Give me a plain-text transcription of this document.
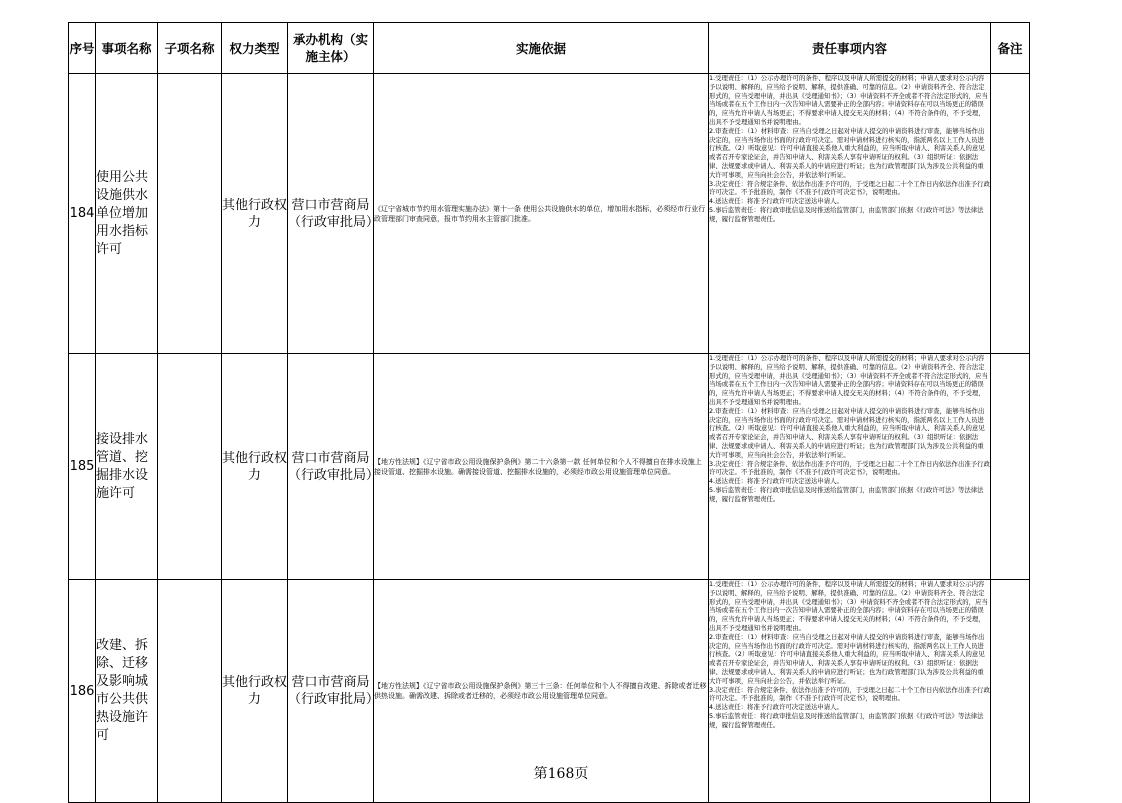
序号	事项名称	子项名称	权力类型	承办机构（实施主体）	实施依据	责任事项内容	备注
184	使用公共设施供水单位增加用水指标许可		其他行政权力	营口市营商局（行政审批局）	《辽宁省城市节约用水管理实施办法》第十一条 使用公共设施供水的单位，增加用水指标，必须经市行业行政管理部门审查同意，报市节约用水主管部门批准。	1.受理责任：（1）公示办理许可的条件、程序以及申请人所需提交的材料；申请人要求对公示内容予以说明、解释的，应当给予说明、解释，提供准确、可靠的信息。（2）申请资料齐全、符合法定形式的，应当受理申请，并出具《受理通知书》；（3）申请资料不齐全或者不符合法定形式的，应当当场或者在五个工作日内一次告知申请人需要补正的全部内容；申请资料存在可以当场更正的错误的，应当允许申请人当场更正；不得要求申请人提交无关的材料；（4）不符合条件的，不予受理，出具不予受理通知书并说明理由。
2.审查责任：（1）材料审查：应当自受理之日起对申请人提交的申请资料进行审查，能够当场作出决定的，应当当场作出书面的行政许可决定。需对申请材料进行核实的，指派两名以上工作人员进行核查。（2）听取意见：许可申请直接关系他人重大利益的，应当听取申请人、利害关系人的意见或者召开专家论证会，并告知申请人、利害关系人享有申请听证的权利。（3）组织听证：依据法律、法规要求或申请人、利害关系人的申请应进行听证；也为行政管理部门认为涉及公共利益的重大许可事项，应当向社会公告，并依法举行听证。
3.决定责任：符合规定条件、依法作出准予许可的，于受理之日起二十个工作日内依法作出准予行政许可决定。不予批准的，制作《不准予行政许可决定书》，说明理由。
4.送达责任：将准予行政许可决定送达申请人。
5.事后监管责任：将行政审批信息及时推送给监管部门，由监管部门依据《行政许可法》等法律法规，履行监督管理责任。	

185	接设排水管道、挖掘排水设施许可		其他行政权力	营口市营商局（行政审批局）	【地方性法规】《辽宁省市政公用设施保护条例》第二十六条第一款 任何单位和个人不得擅自在排水设施上接设管道、挖掘排水设施。确需接设管道、挖掘排水设施的，必须经市政公用设施管理单位同意。	1.受理责任：（1）公示办理许可的条件、程序以及申请人所需提交的材料；申请人要求对公示内容予以说明、解释的，应当给予说明、解释，提供准确、可靠的信息。（2）申请资料齐全、符合法定形式的，应当受理申请，并出具《受理通知书》；（3）申请资料不齐全或者不符合法定形式的，应当当场或者在五个工作日内一次告知申请人需要补正的全部内容；申请资料存在可以当场更正的错误的，应当允许申请人当场更正；不得要求申请人提交无关的材料；（4）不符合条件的，不予受理，出具不予受理通知书并说明理由。
2.审查责任：（1）材料审查：应当自受理之日起对申请人提交的申请资料进行审查，能够当场作出决定的，应当当场作出书面的行政许可决定。需对申请材料进行核实的，指派两名以上工作人员进行核查。（2）听取意见：许可申请直接关系他人重大利益的，应当听取申请人、利害关系人的意见或者召开专家论证会，并告知申请人、利害关系人享有申请听证的权利。（3）组织听证：依据法律、法规要求或申请人、利害关系人的申请应进行听证；也为行政管理部门认为涉及公共利益的重大许可事项，应当向社会公告，并依法举行听证。
3.决定责任：符合规定条件、依法作出准予许可的，于受理之日起二十个工作日内依法作出准予行政许可决定。不予批准的，制作《不准予行政许可决定书》，说明理由。
4.送达责任：将准予行政许可决定送达申请人。
5.事后监管责任：将行政审批信息及时推送给监管部门，由监管部门依据《行政许可法》等法律法规，履行监督管理责任。	

186	改建、拆除、迁移及影响城市公共供热设施许可		其他行政权力	营口市营商局（行政审批局）	【地方性法规】《辽宁省市政公用设施保护条例》第三十三条：任何单位和个人不得擅自改建、拆除或者迁移供热设施。确需改建、拆除或者迁移的，必须经市政公用设施管理单位同意。	1.受理责任：（1）公示办理许可的条件、程序以及申请人所需提交的材料；申请人要求对公示内容予以说明、解释的，应当给予说明、解释，提供准确、可靠的信息。（2）申请资料齐全、符合法定形式的，应当受理申请，并出具《受理通知书》；（3）申请资料不齐全或者不符合法定形式的，应当当场或者在五个工作日内一次告知申请人需要补正的全部内容；申请资料存在可以当场更正的错误的，应当允许申请人当场更正；不得要求申请人提交无关的材料；（4）不符合条件的，不予受理，出具不予受理通知书并说明理由。
2.审查责任：（1）材料审查：应当自受理之日起对申请人提交的申请资料进行审查，能够当场作出决定的，应当当场作出书面的行政许可决定。需对申请材料进行核实的，指派两名以上工作人员进行核查。（2）听取意见：许可申请直接关系他人重大利益的，应当听取申请人、利害关系人的意见或者召开专家论证会，并告知申请人、利害关系人享有申请听证的权利。（3）组织听证：依据法律、法规要求或申请人、利害关系人的申请应进行听证；也为行政管理部门认为涉及公共利益的重大许可事项，应当向社会公告，并依法举行听证。
3.决定责任：符合规定条件、依法作出准予许可的，于受理之日起二十个工作日内依法作出准予行政许可决定。不予批准的，制作《不准予行政许可决定书》，说明理由。
4.送达责任：将准予行政许可决定送达申请人。
5.事后监管责任：将行政审批信息及时推送给监管部门，由监管部门依据《行政许可法》等法律法规，履行监督管理责任。	

第168页
